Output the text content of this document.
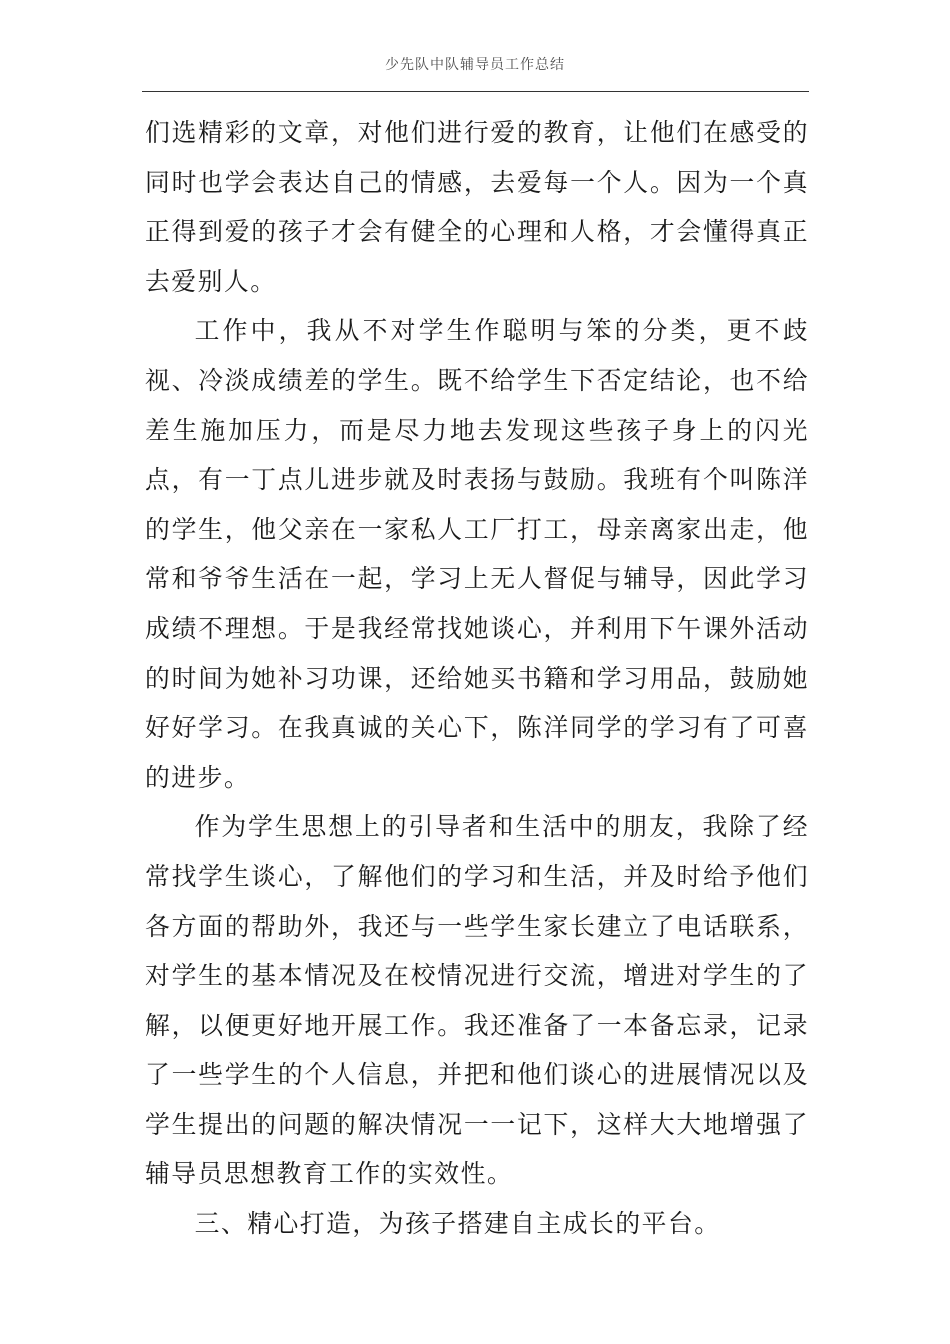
少先队中队辅导员工作总结

们选精彩的文章，对他们进行爱的教育，让他们在感受的同时也学会表达自己的情感，去爱每一个人。因为一个真正得到爱的孩子才会有健全的心理和人格，才会懂得真正去爱别人。

工作中，我从不对学生作聪明与笨的分类，更不歧视、冷淡成绩差的学生。既不给学生下否定结论，也不给差生施加压力，而是尽力地去发现这些孩子身上的闪光点，有一丁点儿进步就及时表扬与鼓励。我班有个叫陈洋的学生，他父亲在一家私人工厂打工，母亲离家出走，他常和爷爷生活在一起，学习上无人督促与辅导，因此学习成绩不理想。于是我经常找她谈心，并利用下午课外活动的时间为她补习功课，还给她买书籍和学习用品，鼓励她好好学习。在我真诚的关心下，陈洋同学的学习有了可喜的进步。

作为学生思想上的引导者和生活中的朋友，我除了经常找学生谈心，了解他们的学习和生活，并及时给予他们各方面的帮助外，我还与一些学生家长建立了电话联系，对学生的基本情况及在校情况进行交流，增进对学生的了解，以便更好地开展工作。我还准备了一本备忘录，记录了一些学生的个人信息，并把和他们谈心的进展情况以及学生提出的问题的解决情况一一记下，这样大大地增强了辅导员思想教育工作的实效性。

三、精心打造，为孩子搭建自主成长的平台。
